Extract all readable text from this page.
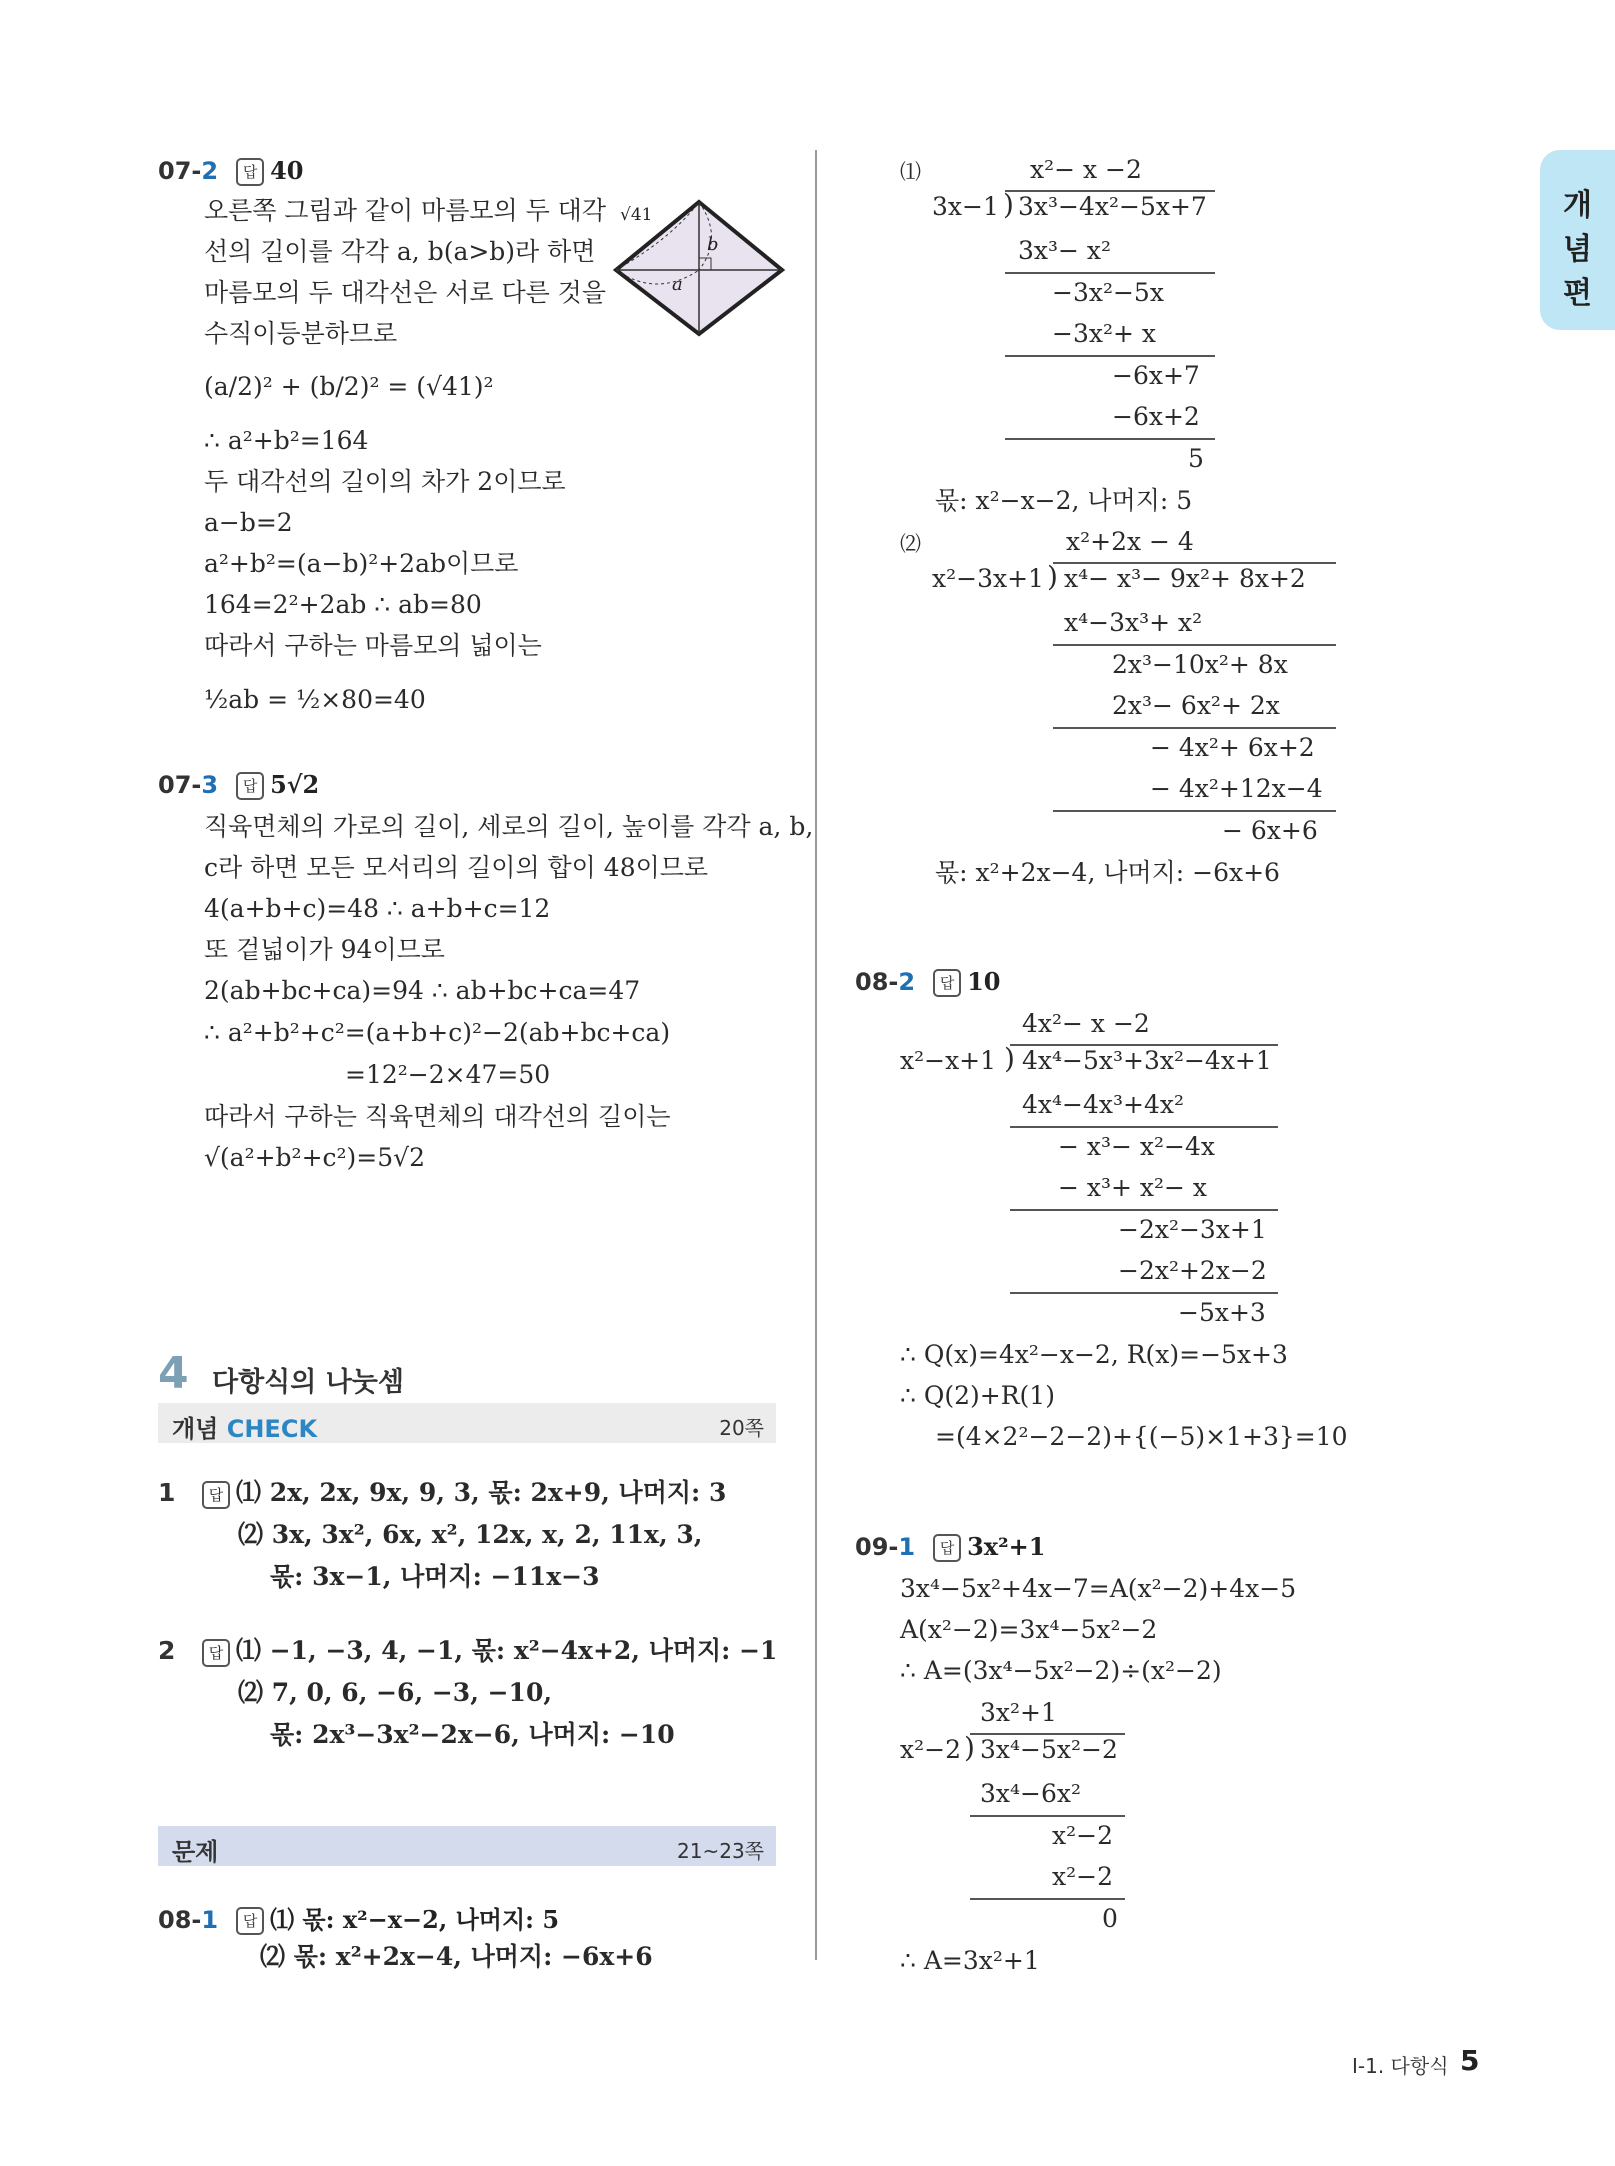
개
념
편
07-2 답 40
오른쪽 그림과 같이 마름모의 두 대각
선의 길이를 각각 a, b(a>b)라 하면
마름모의 두 대각선은 서로 다른 것을
수직이등분하므로
(a/2)² + (b/2)² = (√41)²
∴ a²+b²=164
두 대각선의 길이의 차가 2이므로
a−b=2
a²+b²=(a−b)²+2ab이므로
164=2²+2ab ∴ ab=80
따라서 구하는 마름모의 넓이는
½ab = ½×80=40
√41
b
a
07-3 답 5√2
직육면체의 가로의 길이, 세로의 길이, 높이를 각각 a, b,
c라 하면 모든 모서리의 길이의 합이 48이므로
4(a+b+c)=48 ∴ a+b+c=12
또 겉넓이가 94이므로
2(ab+bc+ca)=94 ∴ ab+bc+ca=47
∴ a²+b²+c²=(a+b+c)²−2(ab+bc+ca)
=12²−2×47=50
따라서 구하는 직육면체의 대각선의 길이는
√(a²+b²+c²)=5√2
4 다항식의 나눗셈
개념 CHECK	20쪽
1	답 ⑴ 2x, 2x, 9x, 9, 3, 몫: 2x+9, 나머지: 3
⑵ 3x, 3x², 6x, x², 12x, x, 2, 11x, 3,
몫: 3x−1, 나머지: −11x−3
2	답 ⑴ −1, −3, 4, −1, 몫: x²−4x+2, 나머지: −1
⑵ 7, 0, 6, −6, −3, −10,
몫: 2x³−3x²−2x−6, 나머지: −10
문제	21~23쪽
08-1 답 ⑴ 몫: x²−x−2, 나머지: 5
⑵ 몫: x²+2x−4, 나머지: −6x+6
⑴	x²− x −2
3x−1 ) 3x³−4x²−5x+7
3x³− x²
−3x²−5x
−3x²+ x
−6x+7
−6x+2
5
몫: x²−x−2, 나머지: 5
⑵	x²+2x − 4
x²−3x+1 ) x⁴− x³− 9x²+ 8x+2
x⁴−3x³+ x²
2x³−10x²+ 8x
2x³− 6x²+ 2x
− 4x²+ 6x+2
− 4x²+12x−4
− 6x+6
몫: x²+2x−4, 나머지: −6x+6
08-2 답 10
4x²− x −2
x²−x+1 ) 4x⁴−5x³+3x²−4x+1
4x⁴−4x³+4x²
− x³− x²−4x
− x³+ x²− x
−2x²−3x+1
−2x²+2x−2
−5x+3
∴ Q(x)=4x²−x−2, R(x)=−5x+3
∴ Q(2)+R(1)
=(4×2²−2−2)+{(−5)×1+3}=10
09-1 답 3x²+1
3x⁴−5x²+4x−7=A(x²−2)+4x−5
A(x²−2)=3x⁴−5x²−2
∴ A=(3x⁴−5x²−2)÷(x²−2)
3x²+1
x²−2 ) 3x⁴−5x²−2
3x⁴−6x²
x²−2
x²−2
0
∴ A=3x²+1
Ⅰ-1. 다항식 5
